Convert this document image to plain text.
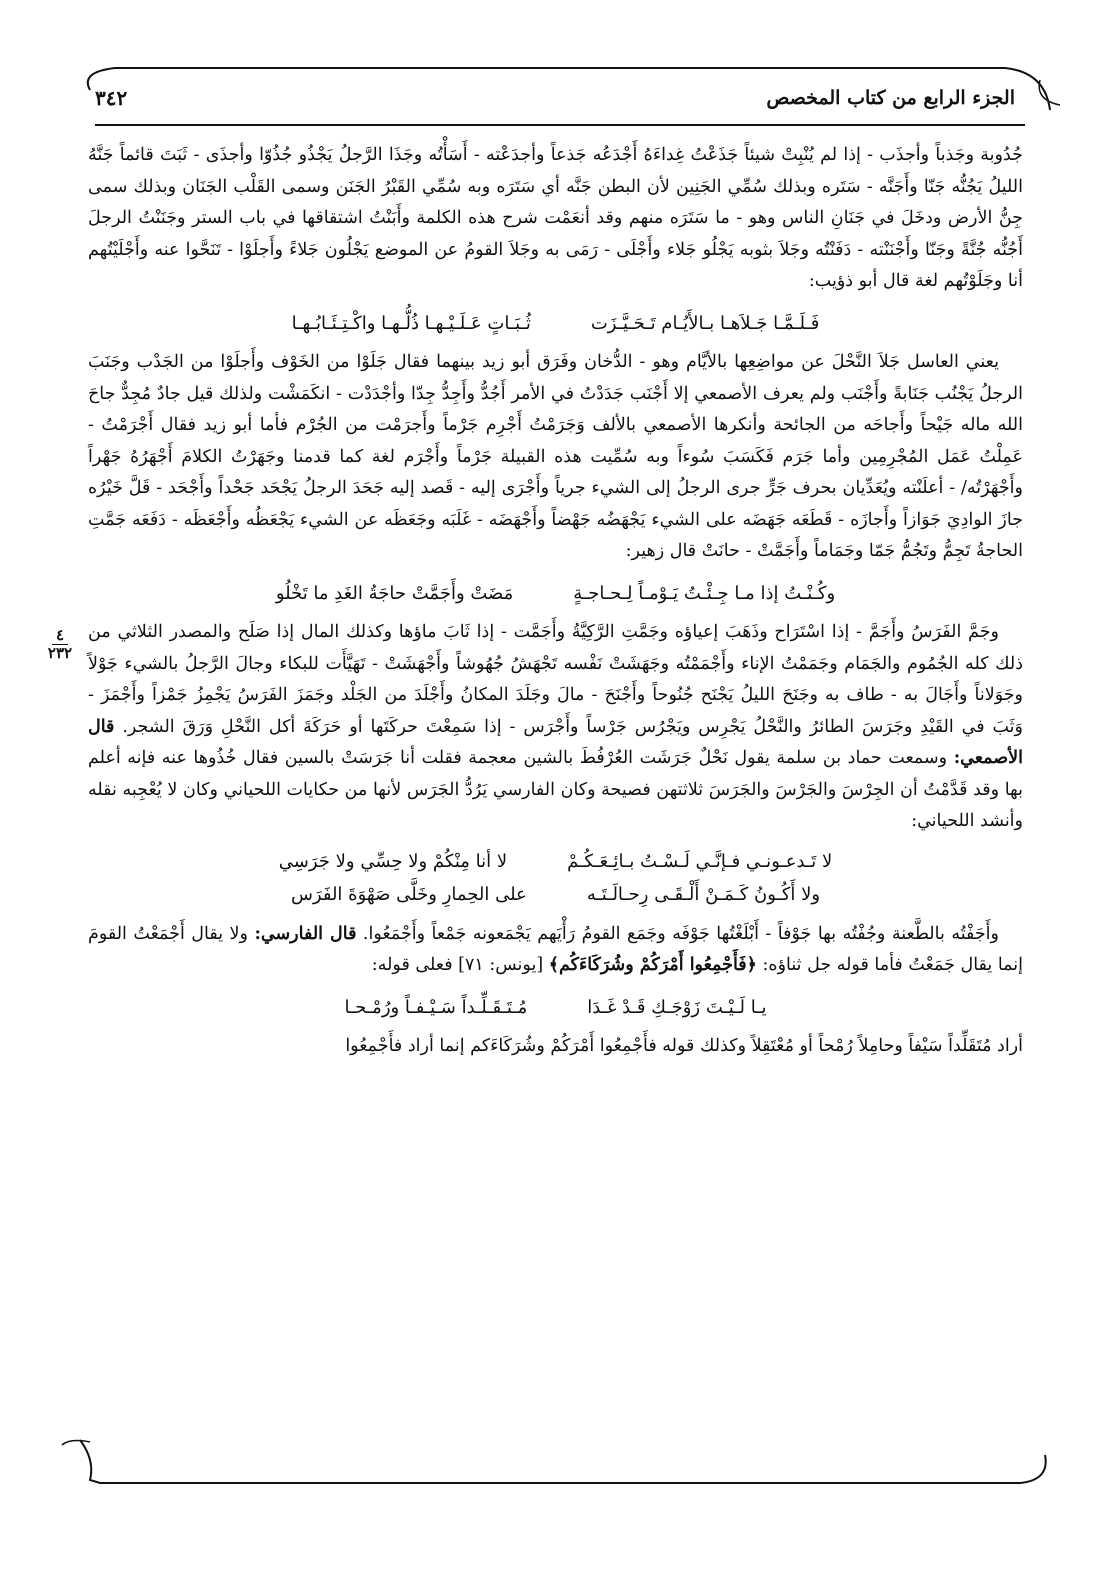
الجزء الرابع من كتاب المخصص
٣٤٢
٤
٢٣٢

جُدُوبة وجَذباً وأجذَب - إذا لم يُنْبِتْ شيئاً جَذَعْتُ غِداءَهُ أَجْدَعُه جَذعاً وأجدَعْته - أَسَأْتُه وجَذَا الرَّجلُ يَجْذُو جُذُوّا وأجذَى - ثَبَتَ قائماً جَنَّهُ الليلُ يَجُنُّه جَنّا وأَجَنَّه - سَتَره وبذلك سُمِّي الجَنِين لأن البطن جَنَّه أي سَتَرَه وبه سُمِّي القَبْرُ الجَنَن وسمى القَلْب الجَنَان وبذلك سمى جِنُّ الأرض ودخَلَ في جَنَانِ الناس وهو - ما سَتَرَه منهم وقد أنعَمْت شرح هذه الكلمة وأَبَنْتُ اشتقاقها في باب الستر وجَنَنْتُ الرجلَ أَجُنُّه جُنَّةً وجَنّا وأَجْنَنْته - دَفَنْتُه وجَلاَ بثوبه يَجْلُو جَلاء وأَجْلَى - رَمَى به وجَلاَ القومُ عن الموضع يَجْلُون جَلاءً وأَجلَوْا - تَنَحَّوا عنه وأَجْلَيْتُهم أنا وجَلَوْتُهم لغة قال أبو ذؤيب:

فَـلَـمَّـا جَـلاَهـا بـالأَيُـام تَـحَـيَّـزَت
ثُـبَـاتٍ عَـلَـيْـهـا ذُلُّـهـا واكْـتِـئَـابُـهـا

يعني العاسل جَلاَ النَّحْلَ عن مواضِعِها بالأيَّام وهو - الدُّخان وفَرَق أبو زيد بينهما فقال جَلَوْا من الخَوْف وأَجلَوْا من الجَدْب وجَنَبَ الرجلُ يَجْنُب جَنَابةً وأَجْنَب ولم يعرف الأصمعي إلا أَجْنَب جَدَدْتُ في الأمر أَجُدُّ وأَجِدُّ جِدّا وأجْدَدْت - انكَمَشْت ولذلك قيل جادٌ مُجِدٌّ جاحَ الله ماله جَيْحاً وأَجاحَه من الجائحة وأنكرها الأصمعي بالألف وَجَرَمْتُ أَجْرِم جَرْماً وأَجرَمْت من الجُرْم فأما أبو زيد فقال أَجْرَمْتُ - عَمِلْتُ عَمَل المُجْرِمِين وأما جَرَم فَكَسَبَ سُوءاً وبه سُمِّيت هذه القبيلة جَرْماً وأَجْرَم لغة كما قدمنا وجَهَرْتُ الكلامَ أَجْهَرُهُ جَهْراً وأَجْهَرْتُه/ - أعلَنْته ويُعَدِّيان بحرف جَرٍّ جرى الرجلُ إلى الشيء جرياً وأَجْرَى إليه - قَصد إليه جَحَدَ الرجلُ يَجْحَد جَحْداً وأَجْحَد - قَلَّ خَيْرُه جازَ الوادِيَ جَوَازاً وأَجازَه - قَطَعَه جَهَضَه على الشيء يَجْهَضُه جَهْضاً وأَجْهَضَه - غَلَبَه وجَعَظَه عن الشيء يَجْعَظُه وأَجْعَظَه - دَفَعَه جَمَّتِ الحاجةُ تَجِمُّ وتَجُمُّ جَمّا وجَمَاماً وأَجَمَّتْ - حانَتْ قال زهير:

وكُـنْـتُ إذا مـا جِـئْـتُ يَـوْمـاً لِـحـاجـةٍ
مَضَتْ وأَجَمَّتْ حاجَةُ الغَدِ ما تَخْلُو

وجَمَّ الفَرَسُ وأَجَمَّ - إذا اسْتَرَاح وذَهَبَ إعياؤه وجَمَّتِ الرَّكِيَّةُ وأَجَمَّت - إذا ثَابَ ماؤها وكذلك المال إذا صَلَح والمصدر الثلاثي من ذلك كله الجُمُوم والجَمَام وجَمَمْتُ الإناء وأَجْمَمْتُه وجَهَشَتْ نَفْسه تَجْهَشُ جُهُوشاً وأَجْهَشَتْ - تَهَيَّأَت للبكاء وجالَ الرَّجلُ بالشيء جَوْلاً وجَوَلاناً وأَجَالَ به - طاف به وجَنَحَ الليلُ يَجْنَح جُنُوحاً وأَجْنَحَ - مالَ وجَلَدَ المكانُ وأَجْلَدَ من الجَلْد وجَمَزَ الفَرَسُ يَجْمِزُ جَمْزاً وأَجْمَزَ - وَثَبَ في القَيْدِ وجَرَسَ الطائرُ والنَّحْلُ يَجْرِس ويَجْرُس جَرْساً وأَجْرَس - إذا سَمِعْتَ حركَتَها أو حَرَكَةَ أكل النَّحْلِ وَرَقَ الشجر. قال الأصمعي: وسمعت حماد بن سلمة يقول نَحْلٌ جَرَشَت العُرْفُطَ بالشين معجمة فقلت أنا جَرَسَتْ بالسين فقال خُذُوها عنه فإنه أعلم بها وقد قَدَّمْتُ أن الجِرْسَ والجَرْسَ والجَرَسَ ثلاثتهن فصيحة وكان الفارسي يَرُدُّ الجَرَس لأنها من حكايات اللحياني وكان لا يُعْجِبه نقله وأنشد اللحياني:

لا تَـدعـونـي فـإنَّـي لَـسْـتُ بـائِـعَـكُـمْ
لا أنا مِنْكُمْ ولا حِسِّي ولا جَرَسِي
ولا أَكُـونُ كَـمَـنْ أَلْـقَـى رِحـالَـتَـه
على الحِمارِ وخَلَّى صَهْوَةَ الفَرَس

وأَجَفْتُه بالطَّعنة وجُفْتُه بها جَوْفاً - أَبْلَغْتُها جَوْفَه وجَمَع القومُ رَأْيَهم يَجْمَعونه جَمْعاً وأَجْمَعُوا. قال الفارسي: ولا يقال أَجْمَعْتُ القومَ إنما يقال جَمَعْتُ فأما قوله جل ثناؤه: ﴿فَأَجْمِعُوا أَمْرَكُمْ وشُرَكَاءَكُم﴾ [يونس: ٧١] فعلى قوله:

يـا لَـيْـتَ زَوْجَـكِ قَـدْ غَـدَا
مُـتَـقَـلِّـداً سَـيْـفـاً ورُمْـحـا

أراد مُتَقَلِّداً سَيْفاً وحامِلاً رُمْحاً أو مُعْتَقِلاً وكذلك قوله فأَجْمِعُوا أَمْرَكُمْ وشُرَكَاءَكم إنما أراد فأَجْمِعُوا
